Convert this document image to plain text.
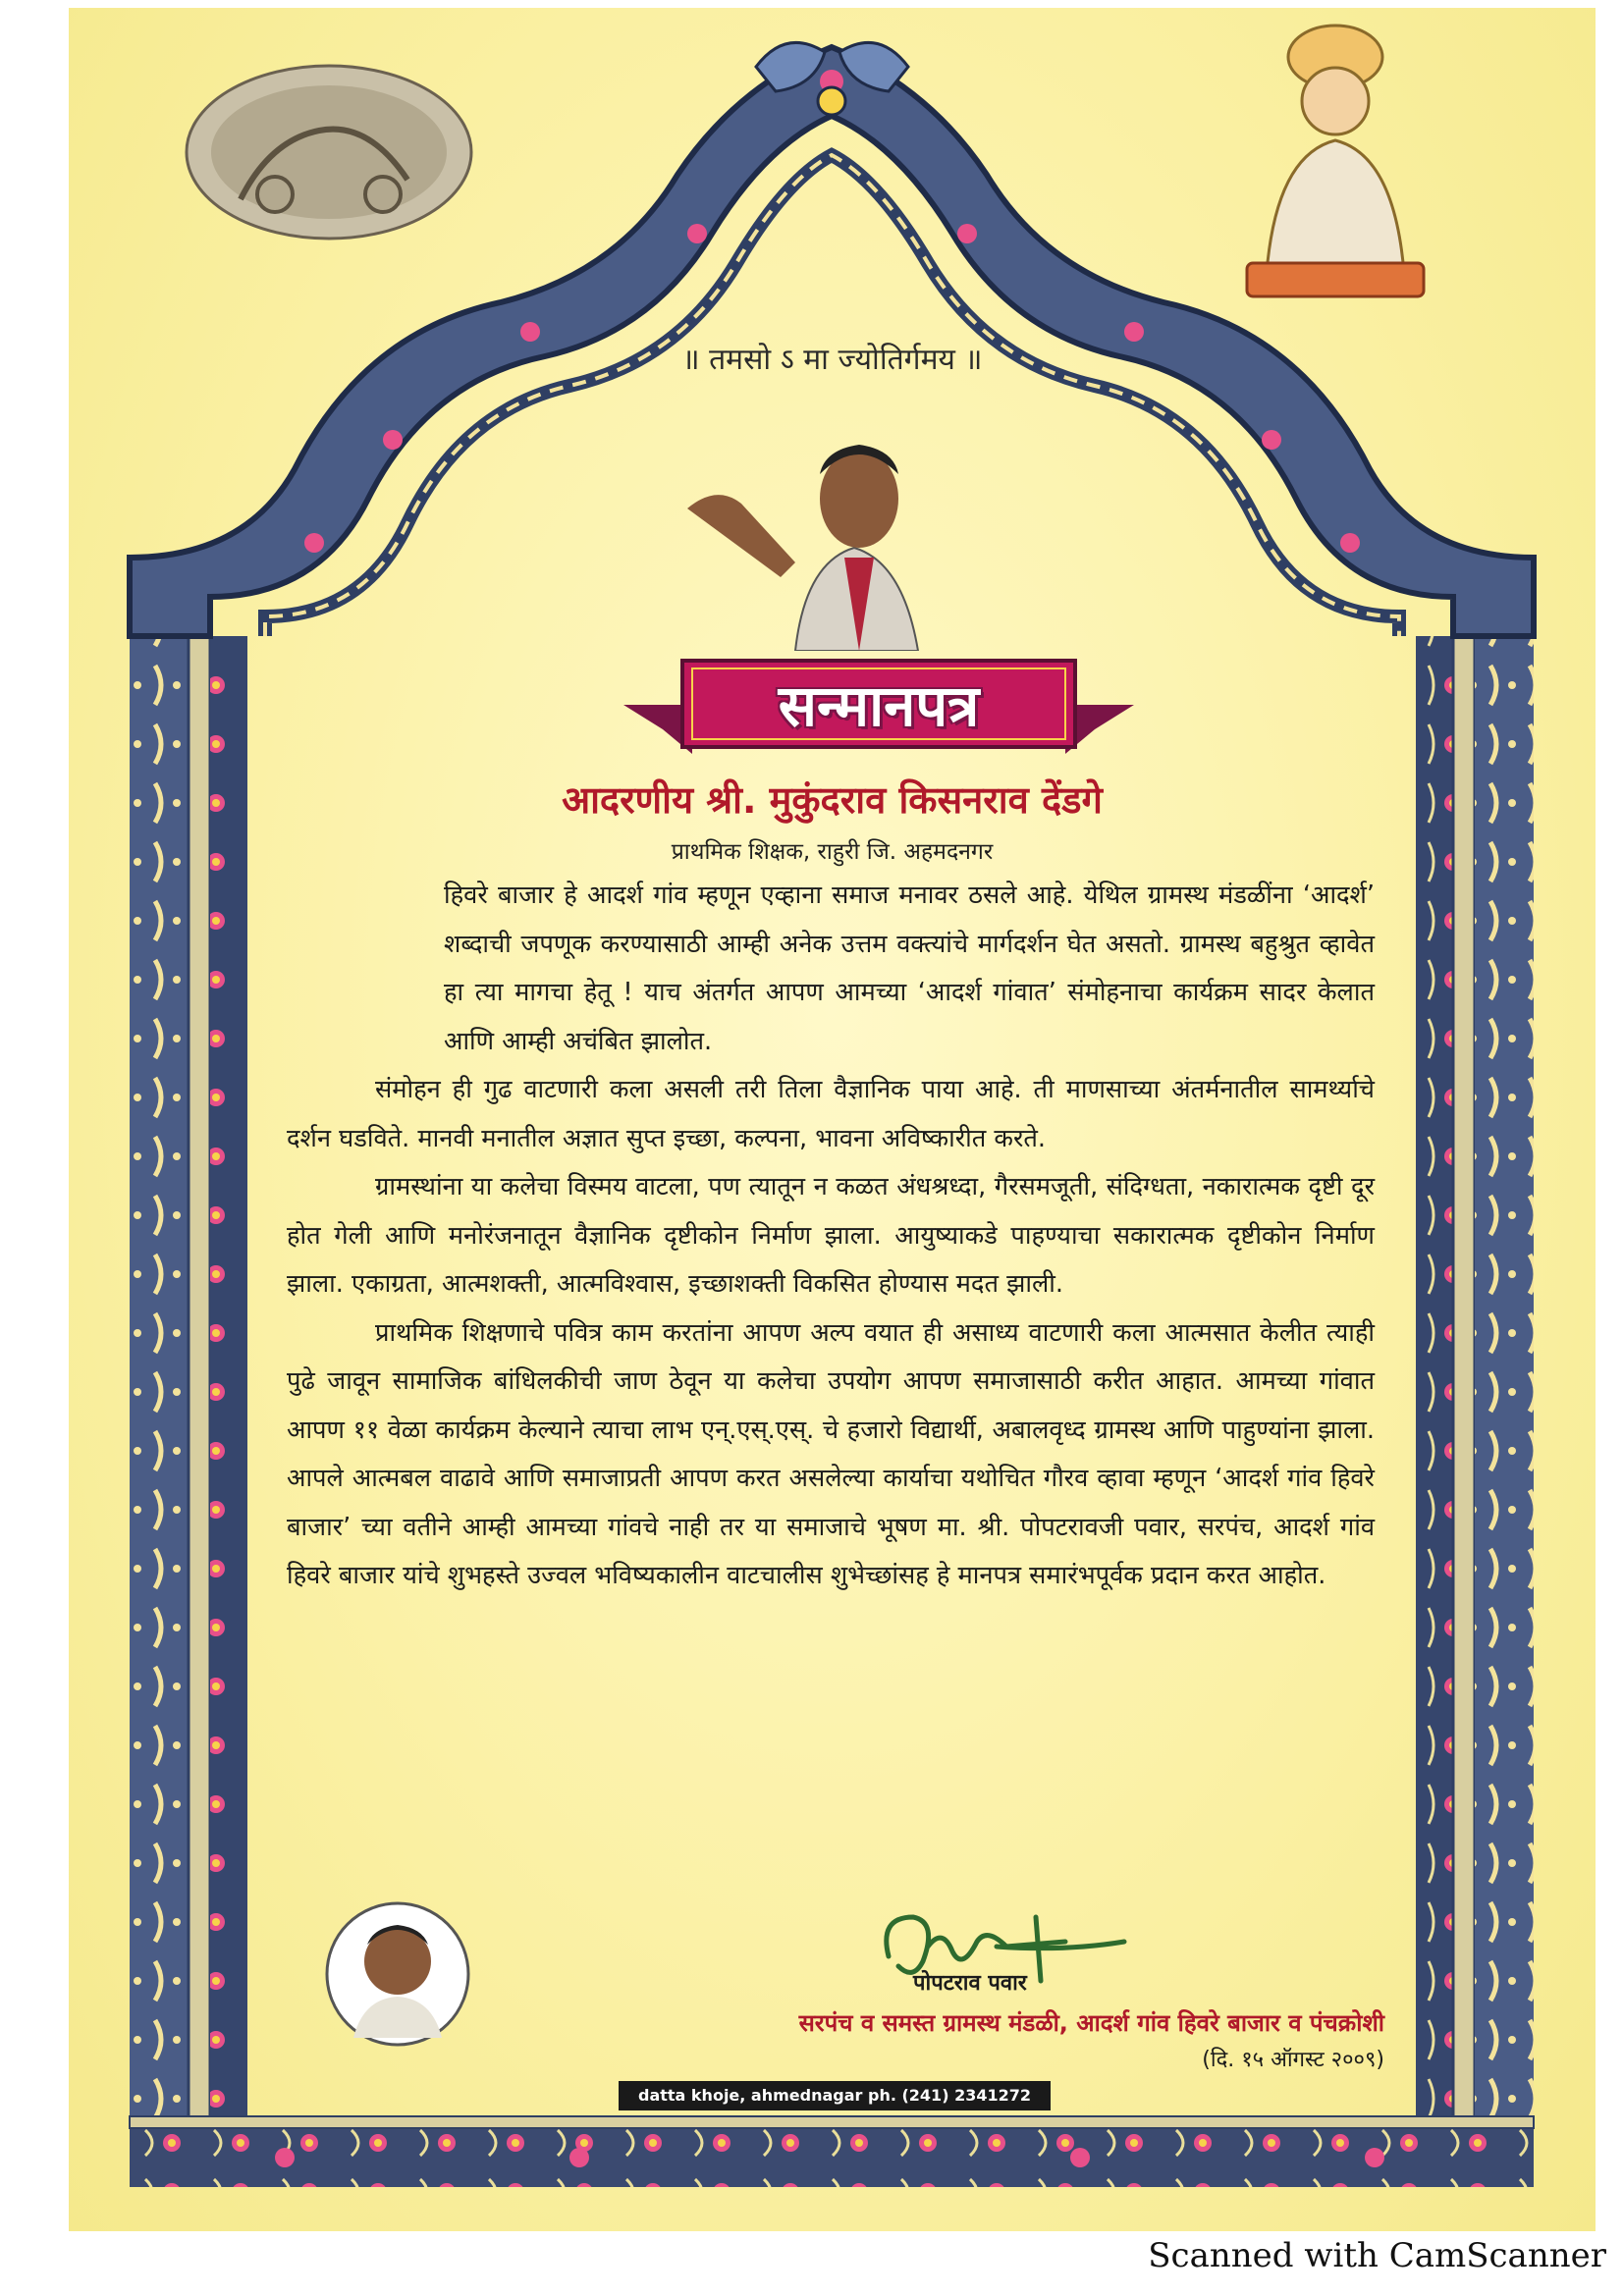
॥ तमसो ऽ मा ज्योतिर्गमय ॥
सन्मानपत्र
आदरणीय श्री. मुकुंदराव किसनराव देंडगे
प्राथमिक शिक्षक, राहुरी जि. अहमदनगर

हिवरे बाजार हे आदर्श गांव म्हणून एव्हाना समाज मनावर ठसले आहे. येथिल ग्रामस्थ मंडळींना ‘आदर्श’ शब्दाची जपणूक करण्यासाठी आम्ही अनेक उत्तम वक्त्यांचे मार्गदर्शन घेत असतो. ग्रामस्थ बहुश्रुत व्हावेत हा त्या मागचा हेतू ! याच अंतर्गत आपण आमच्या ‘आदर्श गांवात’ संमोहनाचा कार्यक्रम सादर केलात आणि आम्ही अचंबित झालोत.

संमोहन ही गुढ वाटणारी कला असली तरी तिला वैज्ञानिक पाया आहे. ती माणसाच्या अंतर्मनातील सामर्थ्याचे दर्शन घडविते. मानवी मनातील अज्ञात सुप्त इच्छा, कल्पना, भावना अविष्कारीत करते.

ग्रामस्थांना या कलेचा विस्मय वाटला, पण त्यातून न कळत अंधश्रध्दा, गैरसमजूती, संदिग्धता, नकारात्मक दृष्टी दूर होत गेली आणि मनोरंजनातून वैज्ञानिक दृष्टीकोन निर्माण झाला. आयुष्याकडे पाहण्याचा सकारात्मक दृष्टीकोन निर्माण झाला. एकाग्रता, आत्मशक्ती, आत्मविश्वास, इच्छाशक्ती विकसित होण्यास मदत झाली.

प्राथमिक शिक्षणाचे पवित्र काम करतांना आपण अल्प वयात ही असाध्य वाटणारी कला आत्मसात केलीत त्याही पुढे जावून सामाजिक बांधिलकीची जाण ठेवून या कलेचा उपयोग आपण समाजासाठी करीत आहात. आमच्या गांवात आपण ११ वेळा कार्यक्रम केल्याने त्याचा लाभ एन्.एस्.एस्. चे हजारो विद्यार्थी, अबालवृध्द ग्रामस्थ आणि पाहुण्यांना झाला. आपले आत्मबल वाढावे आणि समाजाप्रती आपण करत असलेल्या कार्याचा यथोचित गौरव व्हावा म्हणून ‘आदर्श गांव हिवरे बाजार’ च्या वतीने आम्ही आमच्या गांवचे नाही तर या समाजाचे भूषण मा. श्री. पोपटरावजी पवार, सरपंच, आदर्श गांव हिवरे बाजार यांचे शुभहस्ते उज्वल भविष्यकालीन वाटचालीस शुभेच्छांसह हे मानपत्र समारंभपूर्वक प्रदान करत आहोत.

पोपटराव पवार
सरपंच व समस्त ग्रामस्थ मंडळी, आदर्श गांव हिवरे बाजार व पंचक्रोशी
(दि. १५ ऑगस्ट २००९)
datta khoje, ahmednagar ph. (241) 2341272
Scanned with CamScanner
